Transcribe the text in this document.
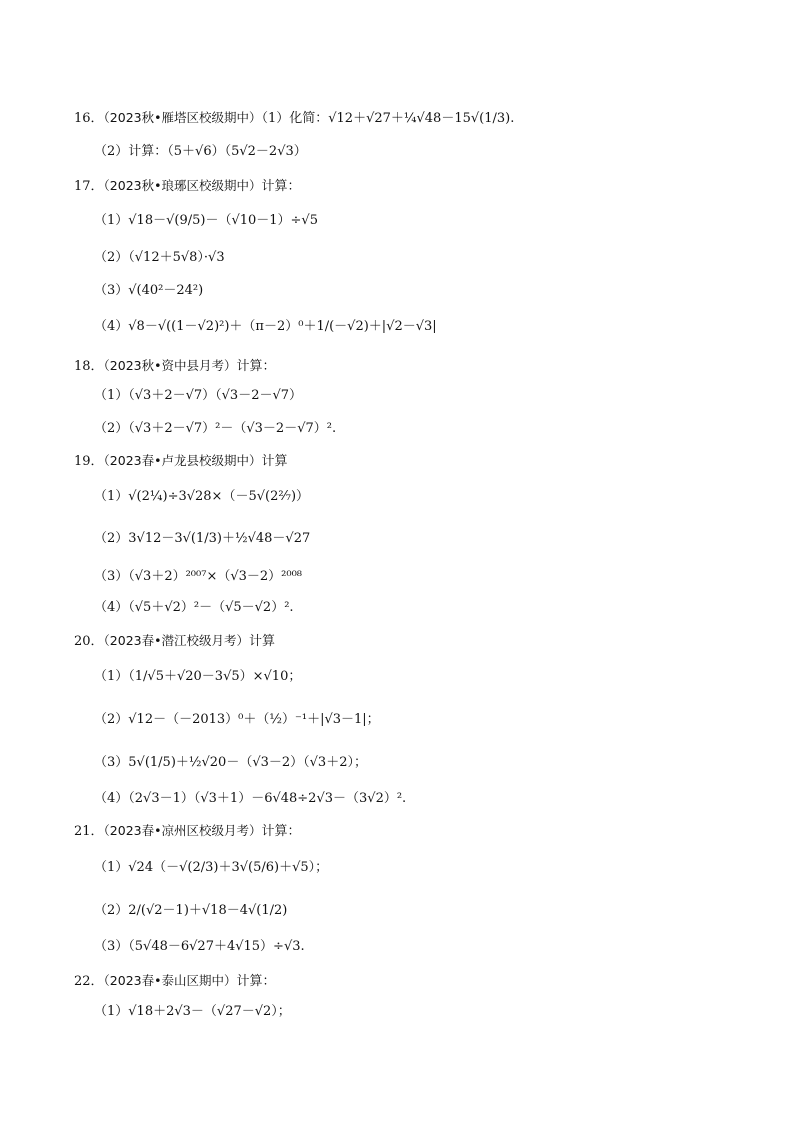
16．（2023秋•雁塔区校级期中）（1）化简：√12＋√27＋¼√48－15√(1/3).
（2）计算：（5＋√6）（5√2－2√3）
17．（2023秋•琅琊区校级期中）计算：
（1）√18－√(9/5)－（√10－1）÷√5
（2）（√12＋5√8）·√3
（3）√(40²－24²)
（4）√8－√((1－√2)²)＋（π－2）⁰＋1/(－√2)＋|√2－√3|
18．（2023秋•资中县月考）计算：
（1）（√3＋2－√7）（√3－2－√7）
（2）（√3＋2－√7）²－（√3－2－√7）².
19．（2023春•卢龙县校级期中）计算
（1）√(2¼)÷3√28×（－5√(2²⁄₇)）
（2）3√12－3√(1/3)＋½√48－√27
（3）（√3＋2）²⁰⁰⁷×（√3－2）²⁰⁰⁸
（4）（√5＋√2）²－（√5－√2）².
20．（2023春•潜江校级月考）计算
（1）（1/√5＋√20－3√5）×√10；
（2）√12－（－2013）⁰＋（½）⁻¹＋|√3－1|；
（3）5√(1/5)＋½√20－（√3－2）（√3＋2）；
（4）（2√3－1）（√3＋1）－6√48÷2√3－（3√2）².
21．（2023春•凉州区校级月考）计算：
（1）√24（－√(2/3)＋3√(5/6)＋√5）；
（2）2/(√2－1)＋√18－4√(1/2)
（3）（5√48－6√27＋4√15）÷√3.
22．（2023春•泰山区期中）计算：
（1）√18＋2√3－（√27－√2）；
